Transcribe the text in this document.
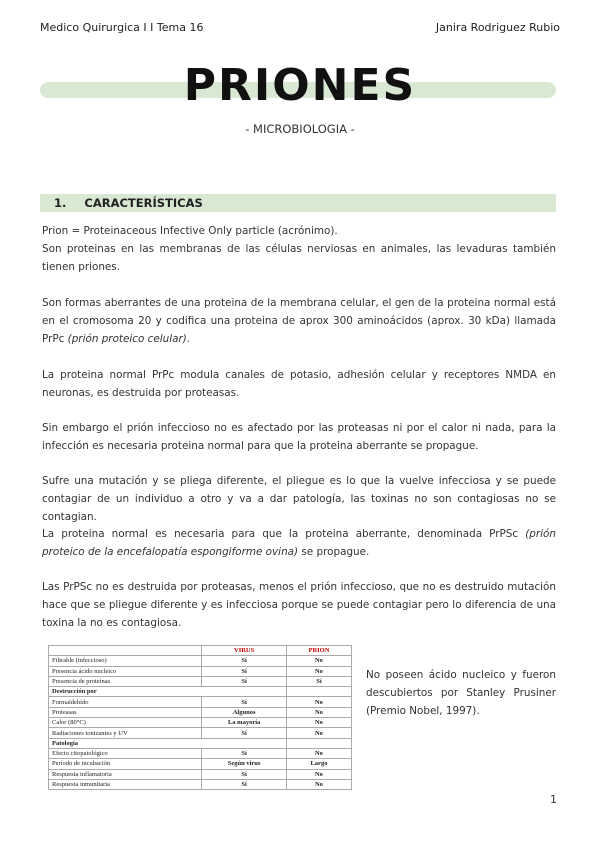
Medico Quirurgica I I Tema 16	Janira Rodriguez Rubio
PRIONES
- MICROBIOLOGIA -
1. CARACTERÍSTICAS
Prion = Proteinaceous Infective Only particle (acrónimo).
Son proteinas en las membranas de las células nerviosas en animales, las levaduras también tienen priones.
Son formas aberrantes de una proteina de la membrana celular, el gen de la proteina normal está en el cromosoma 20 y codifica una proteina de aprox 300 aminoácidos (aprox. 30 kDa) llamada PrPc (prión proteico celular).
La proteina normal PrPc modula canales de potasio, adhesión celular y receptores NMDA en neuronas, es destruida por proteasas.
Sin embargo el prión infeccioso no es afectado por las proteasas ni por el calor ni nada, para la infección es necesaria proteina normal para que la proteina aberrante se propague.
Sufre una mutación y se pliega diferente, el pliegue es lo que la vuelve infecciosa y se puede contagiar de un individuo a otro y va a dar patología, las toxinas no son contagiosas no se contagian.
La proteina normal es necesaria para que la proteina aberrante, denominada PrPSc (prión proteico de la encefalopatía espongiforme ovina) se propague.
Las PrPSc no es destruida por proteasas, menos el prión infeccioso, que no es destruido mutación hace que se pliegue diferente y es infecciosa porque se puede contagiar pero lo diferencia de una toxina la no es contagiosa.
	VIRUS	PRION
Filtrable (infeccioso)	Sí	No
Presencia ácido nucleico	Sí	No
Presencia de proteínas	Sí	Sí
Destrucción por		
Formaldehído	Sí	No
Proteasas	Algunos	No
Calor (80°C)	La mayoría	No
Radiaciones ionizantes y UV	Sí	No
Patología		
Efecto citopatológico	Sí	No
Período de incubación	Según virus	Largo
Respuesta inflamatoria	Sí	No
Respuesta inmunitaria	Sí	No
No poseen ácido nucleico y fueron descubiertos por Stanley Prusiner (Premio Nobel, 1997).
1
